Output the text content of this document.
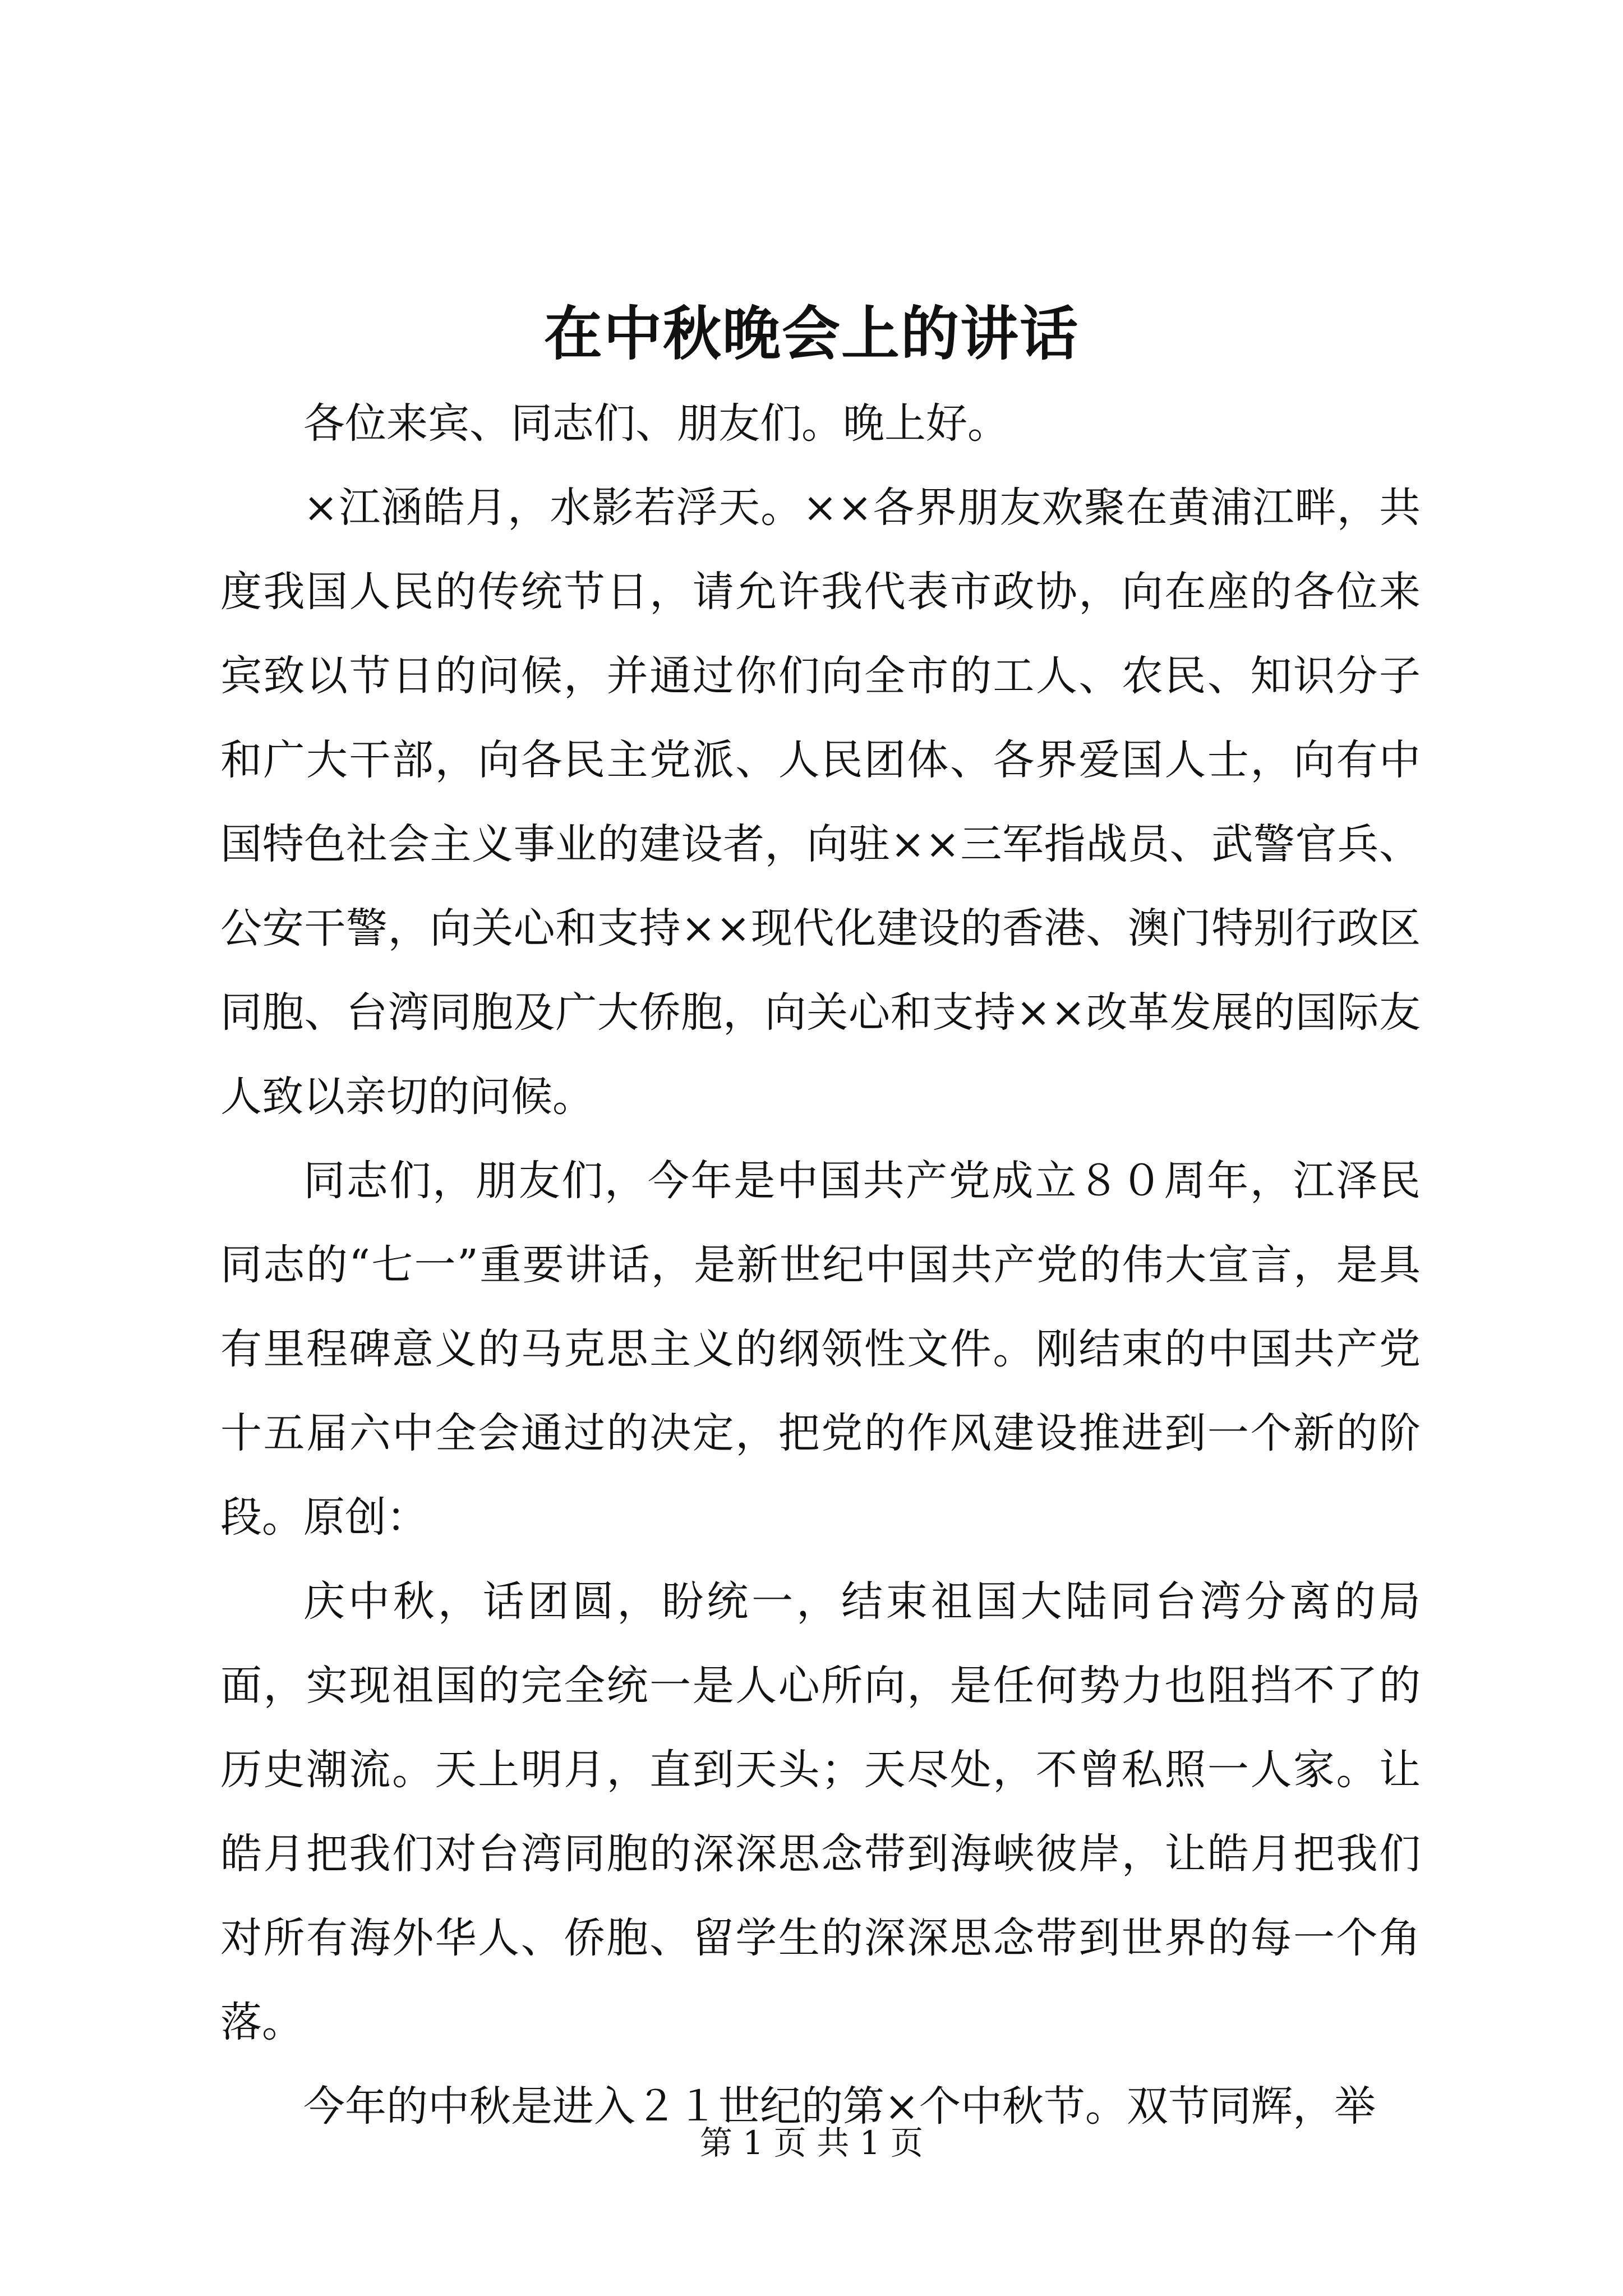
在中秋晚会上的讲话

各位来宾、同志们、朋友们。晚上好。

×江涵皓月，水影若浮天。××各界朋友欢聚在黄浦江畔，共度我国人民的传统节日，请允许我代表市政协，向在座的各位来宾致以节日的问候，并通过你们向全市的工人、农民、知识分子和广大干部，向各民主党派、人民团体、各界爱国人士，向有中国特色社会主义事业的建设者，向驻××三军指战员、武警官兵、公安干警，向关心和支持××现代化建设的香港、澳门特别行政区同胞、台湾同胞及广大侨胞，向关心和支持××改革发展的国际友人致以亲切的问候。

同志们，朋友们，今年是中国共产党成立８０周年，江泽民同志的“七一”重要讲话，是新世纪中国共产党的伟大宣言，是具有里程碑意义的马克思主义的纲领性文件。刚结束的中国共产党十五届六中全会通过的决定，把党的作风建设推进到一个新的阶段。原创：

庆中秋，话团圆，盼统一，结束祖国大陆同台湾分离的局面，实现祖国的完全统一是人心所向，是任何势力也阻挡不了的历史潮流。天上明月，直到天头；天尽处，不曾私照一人家。让皓月把我们对台湾同胞的深深思念带到海峡彼岸，让皓月把我们对所有海外华人、侨胞、留学生的深深思念带到世界的每一个角落。

今年的中秋是进入２１世纪的第×个中秋节。双节同辉，举

第 1 页 共 1 页
